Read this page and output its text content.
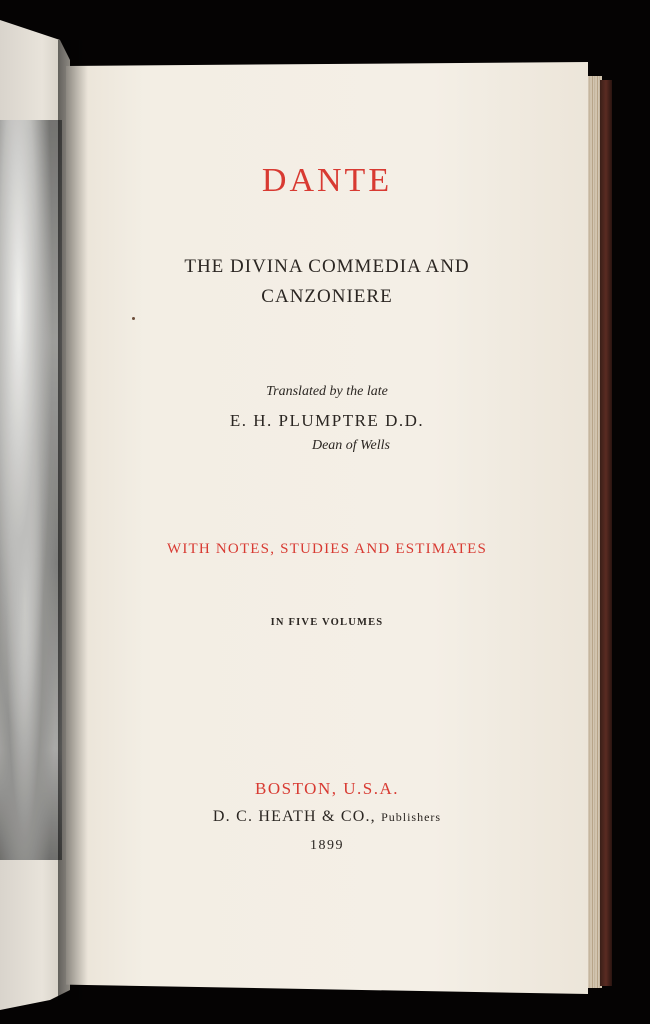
DANTE
THE DIVINA COMMEDIA AND
CANZONIERE
Translated by the late
E. H. PLUMPTRE D.D.
Dean of Wells
WITH NOTES, STUDIES AND ESTIMATES
IN FIVE VOLUMES
BOSTON, U.S.A.
D. C. HEATH & CO., Publishers
1899
